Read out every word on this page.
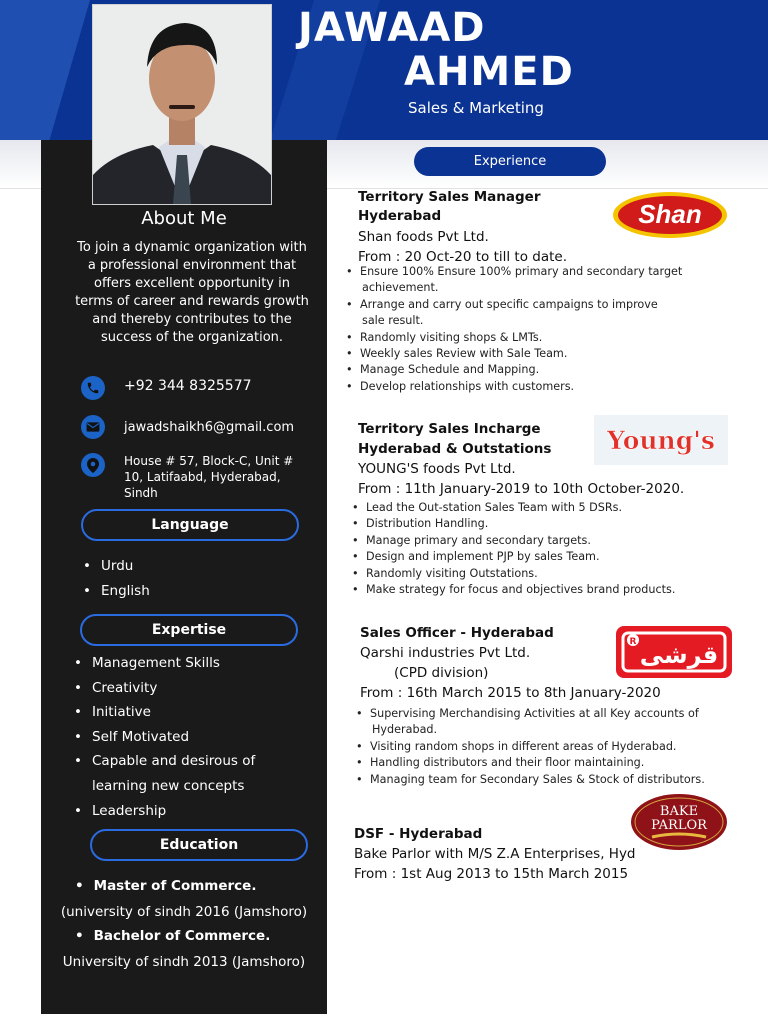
JAWAAD
AHMED
Sales & Marketing
About Me
To join a dynamic organization with a professional environment that offers excellent opportunity in terms of career and rewards growth and thereby contributes to the success of the organization.
+92 344 8325577
jawadshaikh6@gmail.com
House # 57, Block-C, Unit # 10, Latifaabd, Hyderabad, Sindh
Language
• Urdu
• English
Expertise
• Management Skills
• Creativity
• Initiative
• Self Motivated
• Capable and desirous of
learning new concepts
• Leadership
Education
• Master of Commerce.
(university of sindh 2016 (Jamshoro)
• Bachelor of Commerce.
University of sindh 2013 (Jamshoro)
Experience
Territory Sales Manager
Hyderabad
Shan foods Pvt Ltd.
From : 20 Oct-20 to till to date.
Shan
• Ensure 100% Ensure 100% primary and secondary target
achievement.
• Arrange and carry out specific campaigns to improve
sale result.
• Randomly visiting shops & LMTs.
• Weekly sales Review with Sale Team.
• Manage Schedule and Mapping.
• Develop relationships with customers.
Territory Sales Incharge
Hyderabad & Outstations
YOUNG'S foods Pvt Ltd.
From : 11th January-2019 to 10th October-2020.
Young's
• Lead the Out-station Sales Team with 5 DSRs.
• Distribution Handling.
• Manage primary and secondary targets.
• Design and implement PJP by sales Team.
• Randomly visiting Outstations.
• Make strategy for focus and objectives brand products.
Sales Officer - Hyderabad
Qarshi industries Pvt Ltd.
(CPD division)
From : 16th March 2015 to 8th January-2020
قرشی
R
• Supervising Merchandising Activities at all Key accounts of
Hyderabad.
• Visiting random shops in different areas of Hyderabad.
• Handling distributors and their floor maintaining.
• Managing team for Secondary Sales & Stock of distributors.
BAKE
PARLOR
DSF - Hyderabad
Bake Parlor with M/S Z.A Enterprises, Hyd
From : 1st Aug 2013 to 15th March 2015
